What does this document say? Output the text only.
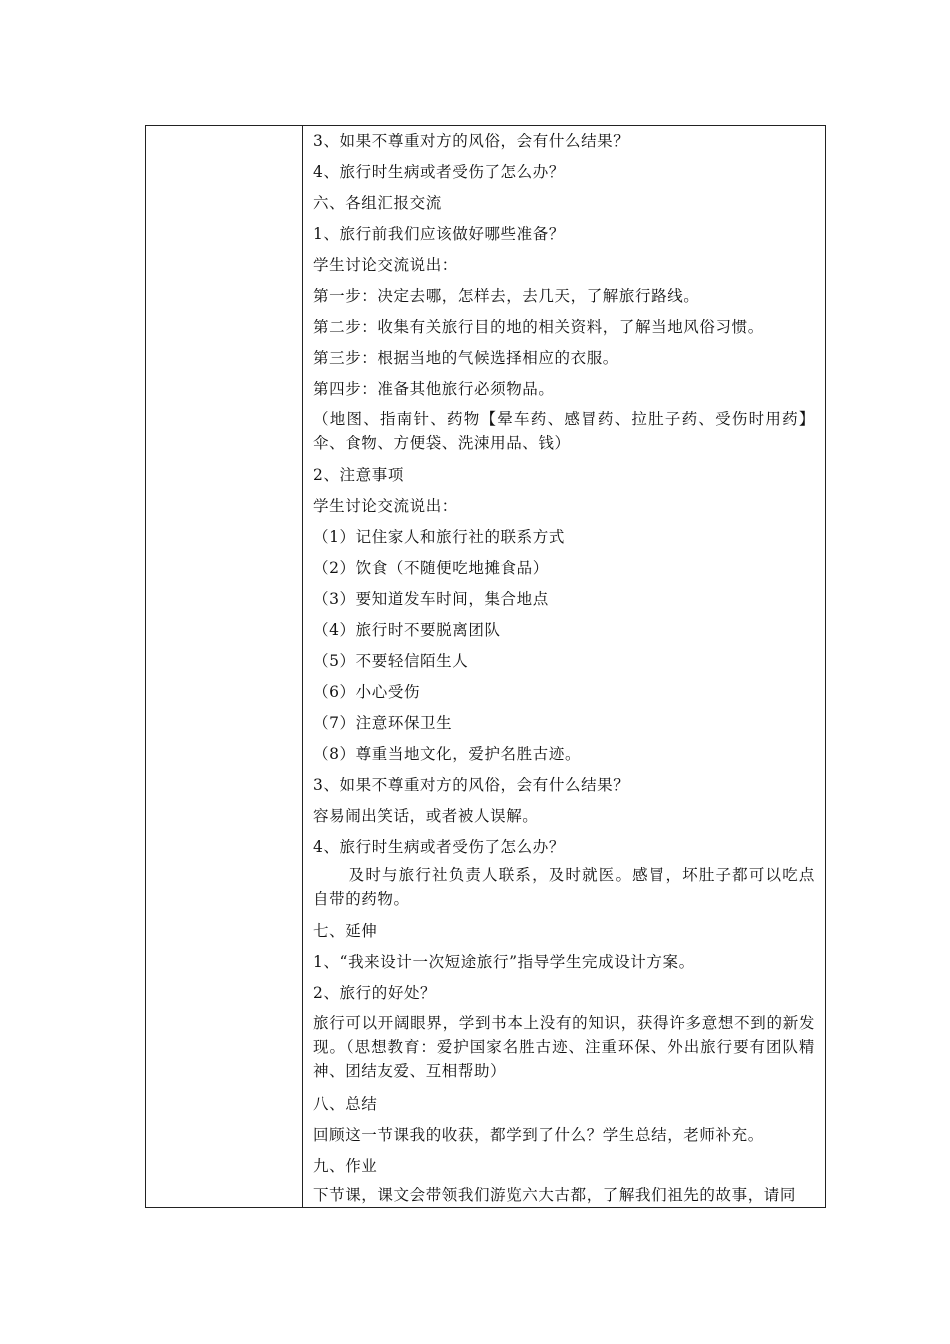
3、如果不尊重对方的风俗，会有什么结果？
4、旅行时生病或者受伤了怎么办？
六、各组汇报交流
1、旅行前我们应该做好哪些准备？
学生讨论交流说出：
第一步：决定去哪，怎样去，去几天，了解旅行路线。
第二步：收集有关旅行目的地的相关资料，了解当地风俗习惯。
第三步：根据当地的气候选择相应的衣服。
第四步：准备其他旅行必须物品。
（地图、指南针、药物【晕车药、感冒药、拉肚子药、受伤时用药】伞、食物、方便袋、洗涑用品、钱）
2、注意事项
学生讨论交流说出：
（1）记住家人和旅行社的联系方式
（2）饮食（不随便吃地摊食品）
（3）要知道发车时间，集合地点
（4）旅行时不要脱离团队
（5）不要轻信陌生人
（6）小心受伤
（7）注意环保卫生
（8）尊重当地文化，爱护名胜古迹。
3、如果不尊重对方的风俗，会有什么结果？
容易闹出笑话，或者被人误解。
4、旅行时生病或者受伤了怎么办？
及时与旅行社负责人联系，及时就医。感冒，坏肚子都可以吃点自带的药物。
七、延伸
1、“我来设计一次短途旅行”指导学生完成设计方案。
2、旅行的好处？
旅行可以开阔眼界，学到书本上没有的知识，获得许多意想不到的新发现。（思想教育：爱护国家名胜古迹、注重环保、外出旅行要有团队精神、团结友爱、互相帮助）
八、总结
回顾这一节课我的收获，都学到了什么？学生总结，老师补充。
九、作业
下节课，课文会带领我们游览六大古都，了解我们祖先的故事，请同
